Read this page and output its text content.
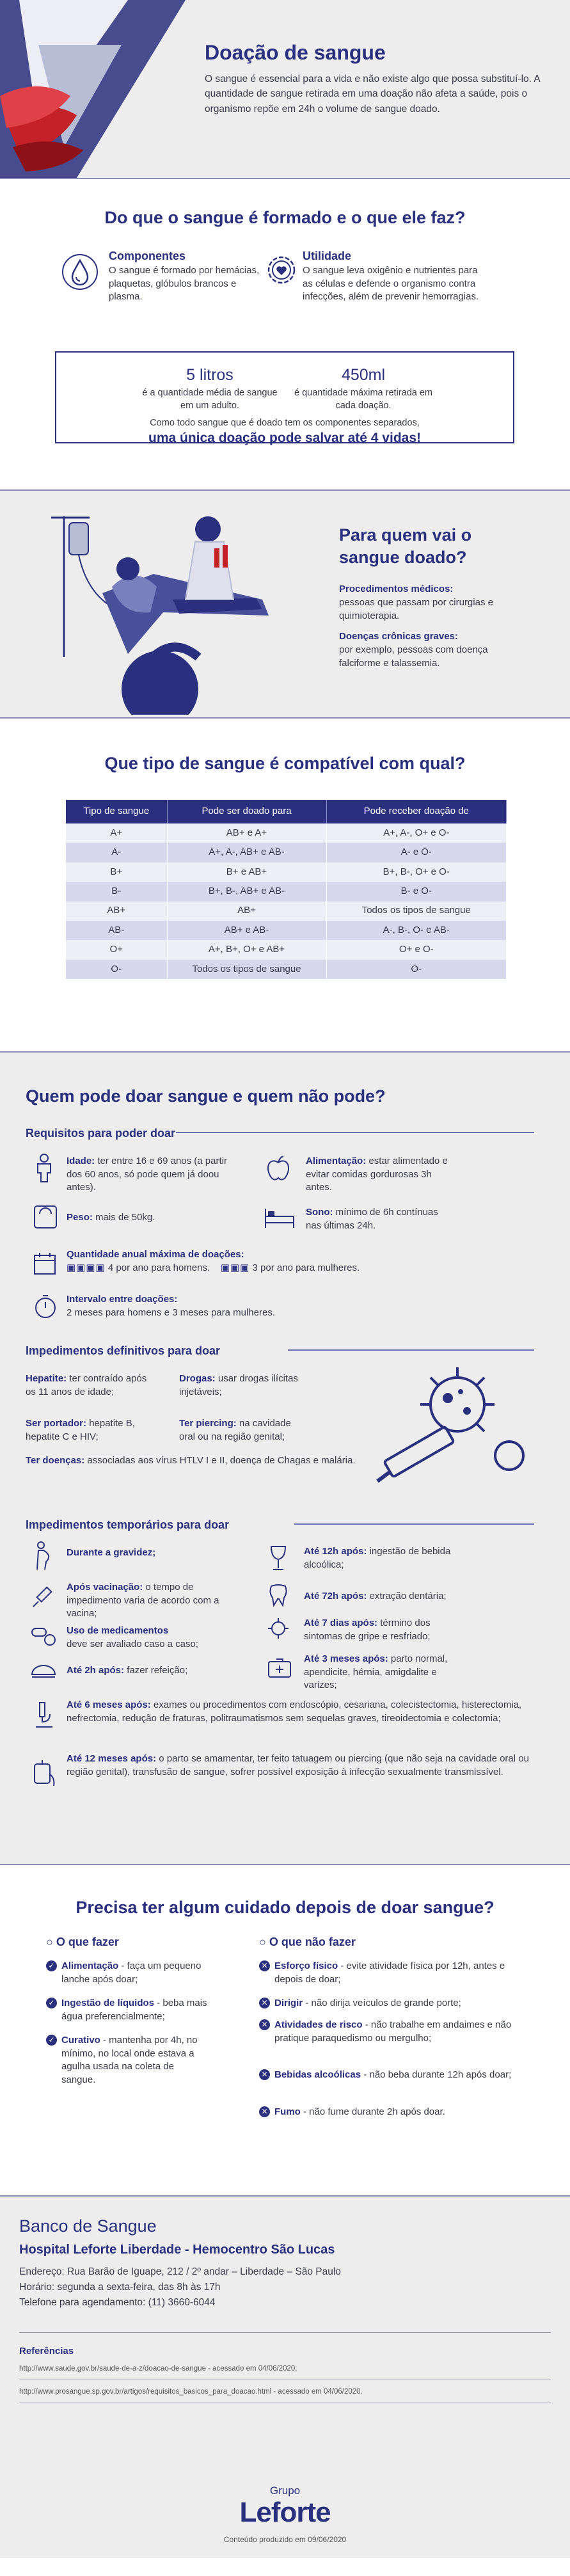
Doação de sangue
O sangue é essencial para a vida e não existe algo que possa substituí-lo. A quantidade de sangue retirada em uma doação não afeta a saúde, pois o organismo repõe em 24h o volume de sangue doado.
Do que o sangue é formado e o que ele faz?
Componentes
O sangue é formado por hemácias, plaquetas, glóbulos brancos e plasma.
Utilidade
O sangue leva oxigênio e nutrientes para as células e defende o organismo contra infecções, além de prevenir hemorragias.
5 litros
é a quantidade média de sangue em um adulto.
450ml
é quantidade máxima retirada em cada doação.
Como todo sangue que é doado tem os componentes separados,
uma única doação pode salvar até 4 vidas!
Para quem vai o sangue doado?
Procedimentos médicos:
pessoas que passam por cirurgias e quimioterapia.
Doenças crônicas graves:
por exemplo, pessoas com doença falciforme e talassemia.
Que tipo de sangue é compatível com qual?
Tipo de sangue	Pode ser doado para	Pode receber doação de
A+	AB+ e A+	A+, A-, O+ e O-
A-	A+, A-, AB+ e AB-	A- e O-
B+	B+ e AB+	B+, B-, O+ e O-
B-	B+, B-, AB+ e AB-	B- e O-
AB+	AB+	Todos os tipos de sangue
AB-	AB+ e AB-	A-, B-, O- e AB-
O+	A+, B+, O+ e AB+	O+ e O-
O-	Todos os tipos de sangue	O-
Quem pode doar sangue e quem não pode?
Requisitos para poder doar
Idade: ter entre 16 e 69 anos (a partir dos 60 anos, só pode quem já doou antes).
Alimentação: estar alimentado e evitar comidas gordurosas 3h antes.
Peso: mais de 50kg.	Sono: mínimo de 6h contínuas nas últimas 24h.
Quantidade anual máxima de doações:
▣▣▣▣ 4 por ano para homens. ▣▣▣ 3 por ano para mulheres.
Intervalo entre doações:
2 meses para homens e 3 meses para mulheres.
Impedimentos definitivos para doar
Hepatite: ter contraído após os 11 anos de idade;
Drogas: usar drogas ilícitas injetáveis;
Ser portador: hepatite B, hepatite C e HIV;
Ter piercing: na cavidade oral ou na região genital;
Ter doenças: associadas aos vírus HTLV I e II, doença de Chagas e malária.
Impedimentos temporários para doar
Durante a gravidez;
Após vacinação: o tempo de impedimento varia de acordo com a vacina;
Uso de medicamentos
deve ser avaliado caso a caso;
Até 2h após: fazer refeição;
Até 12h após: ingestão de bebida alcoólica;
Até 72h após: extração dentária;
Até 7 dias após: término dos sintomas de gripe e resfriado;
Até 3 meses após: parto normal, apendicite, hérnia, amigdalite e varizes;
Até 6 meses após: exames ou procedimentos com endoscópio, cesariana, colecistectomia, histerectomia, nefrectomia, redução de fraturas, politraumatismos sem sequelas graves, tireoidectomia e colectomia;
Até 12 meses após: o parto se amamentar, ter feito tatuagem ou piercing (que não seja na cavidade oral ou região genital), transfusão de sangue, sofrer possível exposição à infecção sexualmente transmissível.
Precisa ter algum cuidado depois de doar sangue?
○ O que fazer
✓ Alimentação - faça um pequeno lanche após doar;
✓ Ingestão de líquidos - beba mais água preferencialmente;
✓ Curativo - mantenha por 4h, no mínimo, no local onde estava a agulha usada na coleta de sangue.
○ O que não fazer
✕ Esforço físico - evite atividade física por 12h, antes e depois de doar;
✕ Dirigir - não dirija veículos de grande porte;
✕ Atividades de risco - não trabalhe em andaimes e não pratique paraquedismo ou mergulho;
✕ Bebidas alcoólicas - não beba durante 12h após doar;
✕ Fumo - não fume durante 2h após doar.
Banco de Sangue
Hospital Leforte Liberdade - Hemocentro São Lucas
Endereço: Rua Barão de Iguape, 212 / 2º andar – Liberdade – São Paulo
Horário: segunda a sexta-feira, das 8h às 17h
Telefone para agendamento: (11) 3660-6044
Referências
http://www.saude.gov.br/saude-de-a-z/doacao-de-sangue - acessado em 04/06/2020;
http://www.prosangue.sp.gov.br/artigos/requisitos_basicos_para_doacao.html - acessado em 04/06/2020.
Grupo
Leforte
Conteúdo produzido em 09/06/2020
